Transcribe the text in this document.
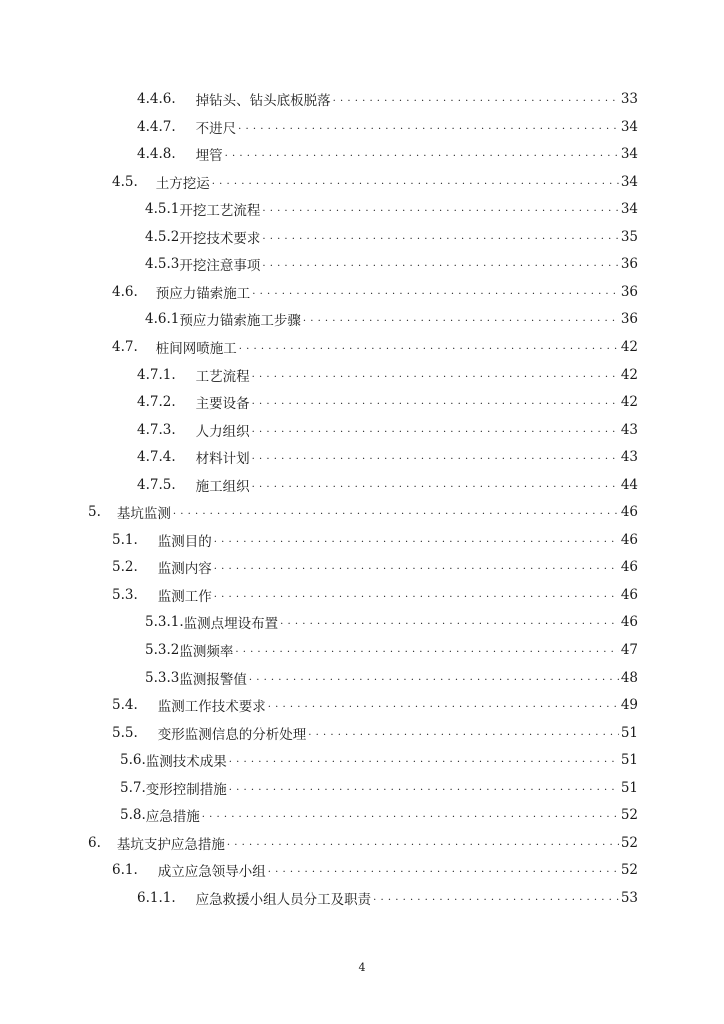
4.4.6. 掉钻头、钻头底板脱落 . . .	33
4.4.7. 不进尺 . . .	34
4.4.8. 埋管 . . .	34
4.5. 土方挖运 . . .	34
4.5.1 开挖工艺流程 . . .	34
4.5.2 开挖技术要求 . . .	35
4.5.3 开挖注意事项 . . .	36
4.6. 预应力锚索施工 . . .	36
4.6.1 预应力锚索施工步骤 . . .	36
4.7. 桩间网喷施工 . . .	42
4.7.1. 工艺流程 . . .	42
4.7.2. 主要设备 . . .	42
4.7.3. 人力组织 . . .	43
4.7.4. 材料计划 . . .	43
4.7.5. 施工组织 . . .	44
5. 基坑监测 . . .	46
5.1. 监测目的 . . .	46
5.2. 监测内容 . . .	46
5.3. 监测工作 . . .	46
5.3.1. 监测点埋设布置 . . .	46
5.3.2 监测频率 . . .	47
5.3.3 监测报警值 . . .	48
5.4. 监测工作技术要求 . . .	49
5.5. 变形监测信息的分析处理 . . .	51
5.6. 监测技术成果 . . .	51
5.7. 变形控制措施 . . .	51
5.8. 应急措施 . . .	52
6. 基坑支护应急措施 . . .	52
6.1. 成立应急领导小组 . . .	52
6.1.1. 应急救援小组人员分工及职责 . . .	53
4
